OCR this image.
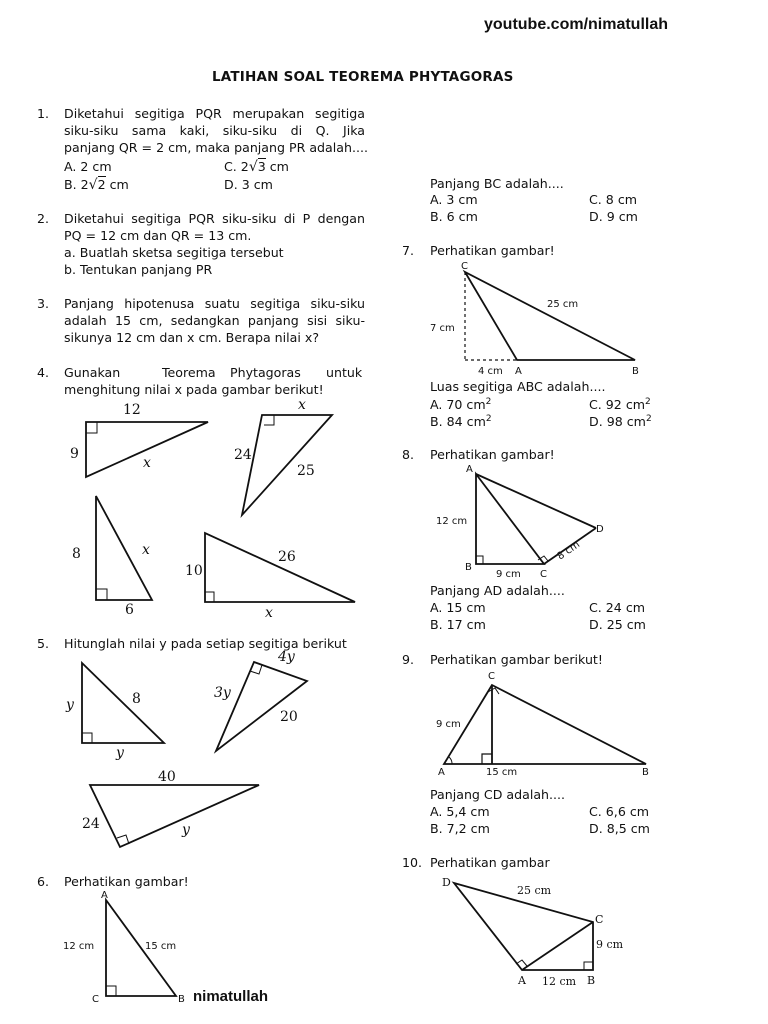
youtube.com/nimatullah
LATIHAN SOAL TEOREMA PHYTAGORAS
1. Diketahui segitiga PQR merupakan segitiga
siku-siku sama kaki, siku-siku di Q. Jika
panjang QR = 2 cm, maka panjang PR adalah....
A. 2 cm	C. 2√3 cm
B. 2√2 cm	D. 3 cm
2. Diketahui segitiga PQR siku-siku di P dengan
PQ = 12 cm dan QR = 13 cm.
a. Buatlah sketsa segitiga tersebut
b. Tentukan panjang PR
3. Panjang hipotenusa suatu segitiga siku-siku
adalah 15 cm, sedangkan panjang sisi siku-
sikunya 12 cm dan x cm. Berapa nilai x?
4. Gunakan	Teorema Phytagoras untuk
menghitung nilai x pada gambar berikut!
12
9
x
x
24
25
8	x
6
10
26
x
5. Hitunglah nilai y pada setiap segitiga berikut
y	8
y
4y
3y
20
40
24	y
6. Perhatikan gambar!
A
C	B
12 cm	15 cm
nimatullah
Panjang BC adalah....
A. 3 cm	C. 8 cm
B. 6 cm	D. 9 cm
7. Perhatikan gambar!
C
A	B
7 cm
4 cm
25 cm
Luas segitiga ABC adalah....
A. 70 $cm^2$	C. 92 $cm^2$
B. 84 $cm^2$	D. 98 $cm^2$
8. Perhatikan gambar!
A
B
C
D
12 cm
9 cm
8 cm
Panjang AD adalah....
A. 15 cm	C. 24 cm
B. 17 cm	D. 25 cm
9. Perhatikan gambar berikut!
C
A	B
9 cm
15 cm
Panjang CD adalah....
A. 5,4 cm	C. 6,6 cm
B. 7,2 cm	D. 8,5 cm
10. Perhatikan gambar
D
C
A	B
25 cm
9 cm
12 cm
